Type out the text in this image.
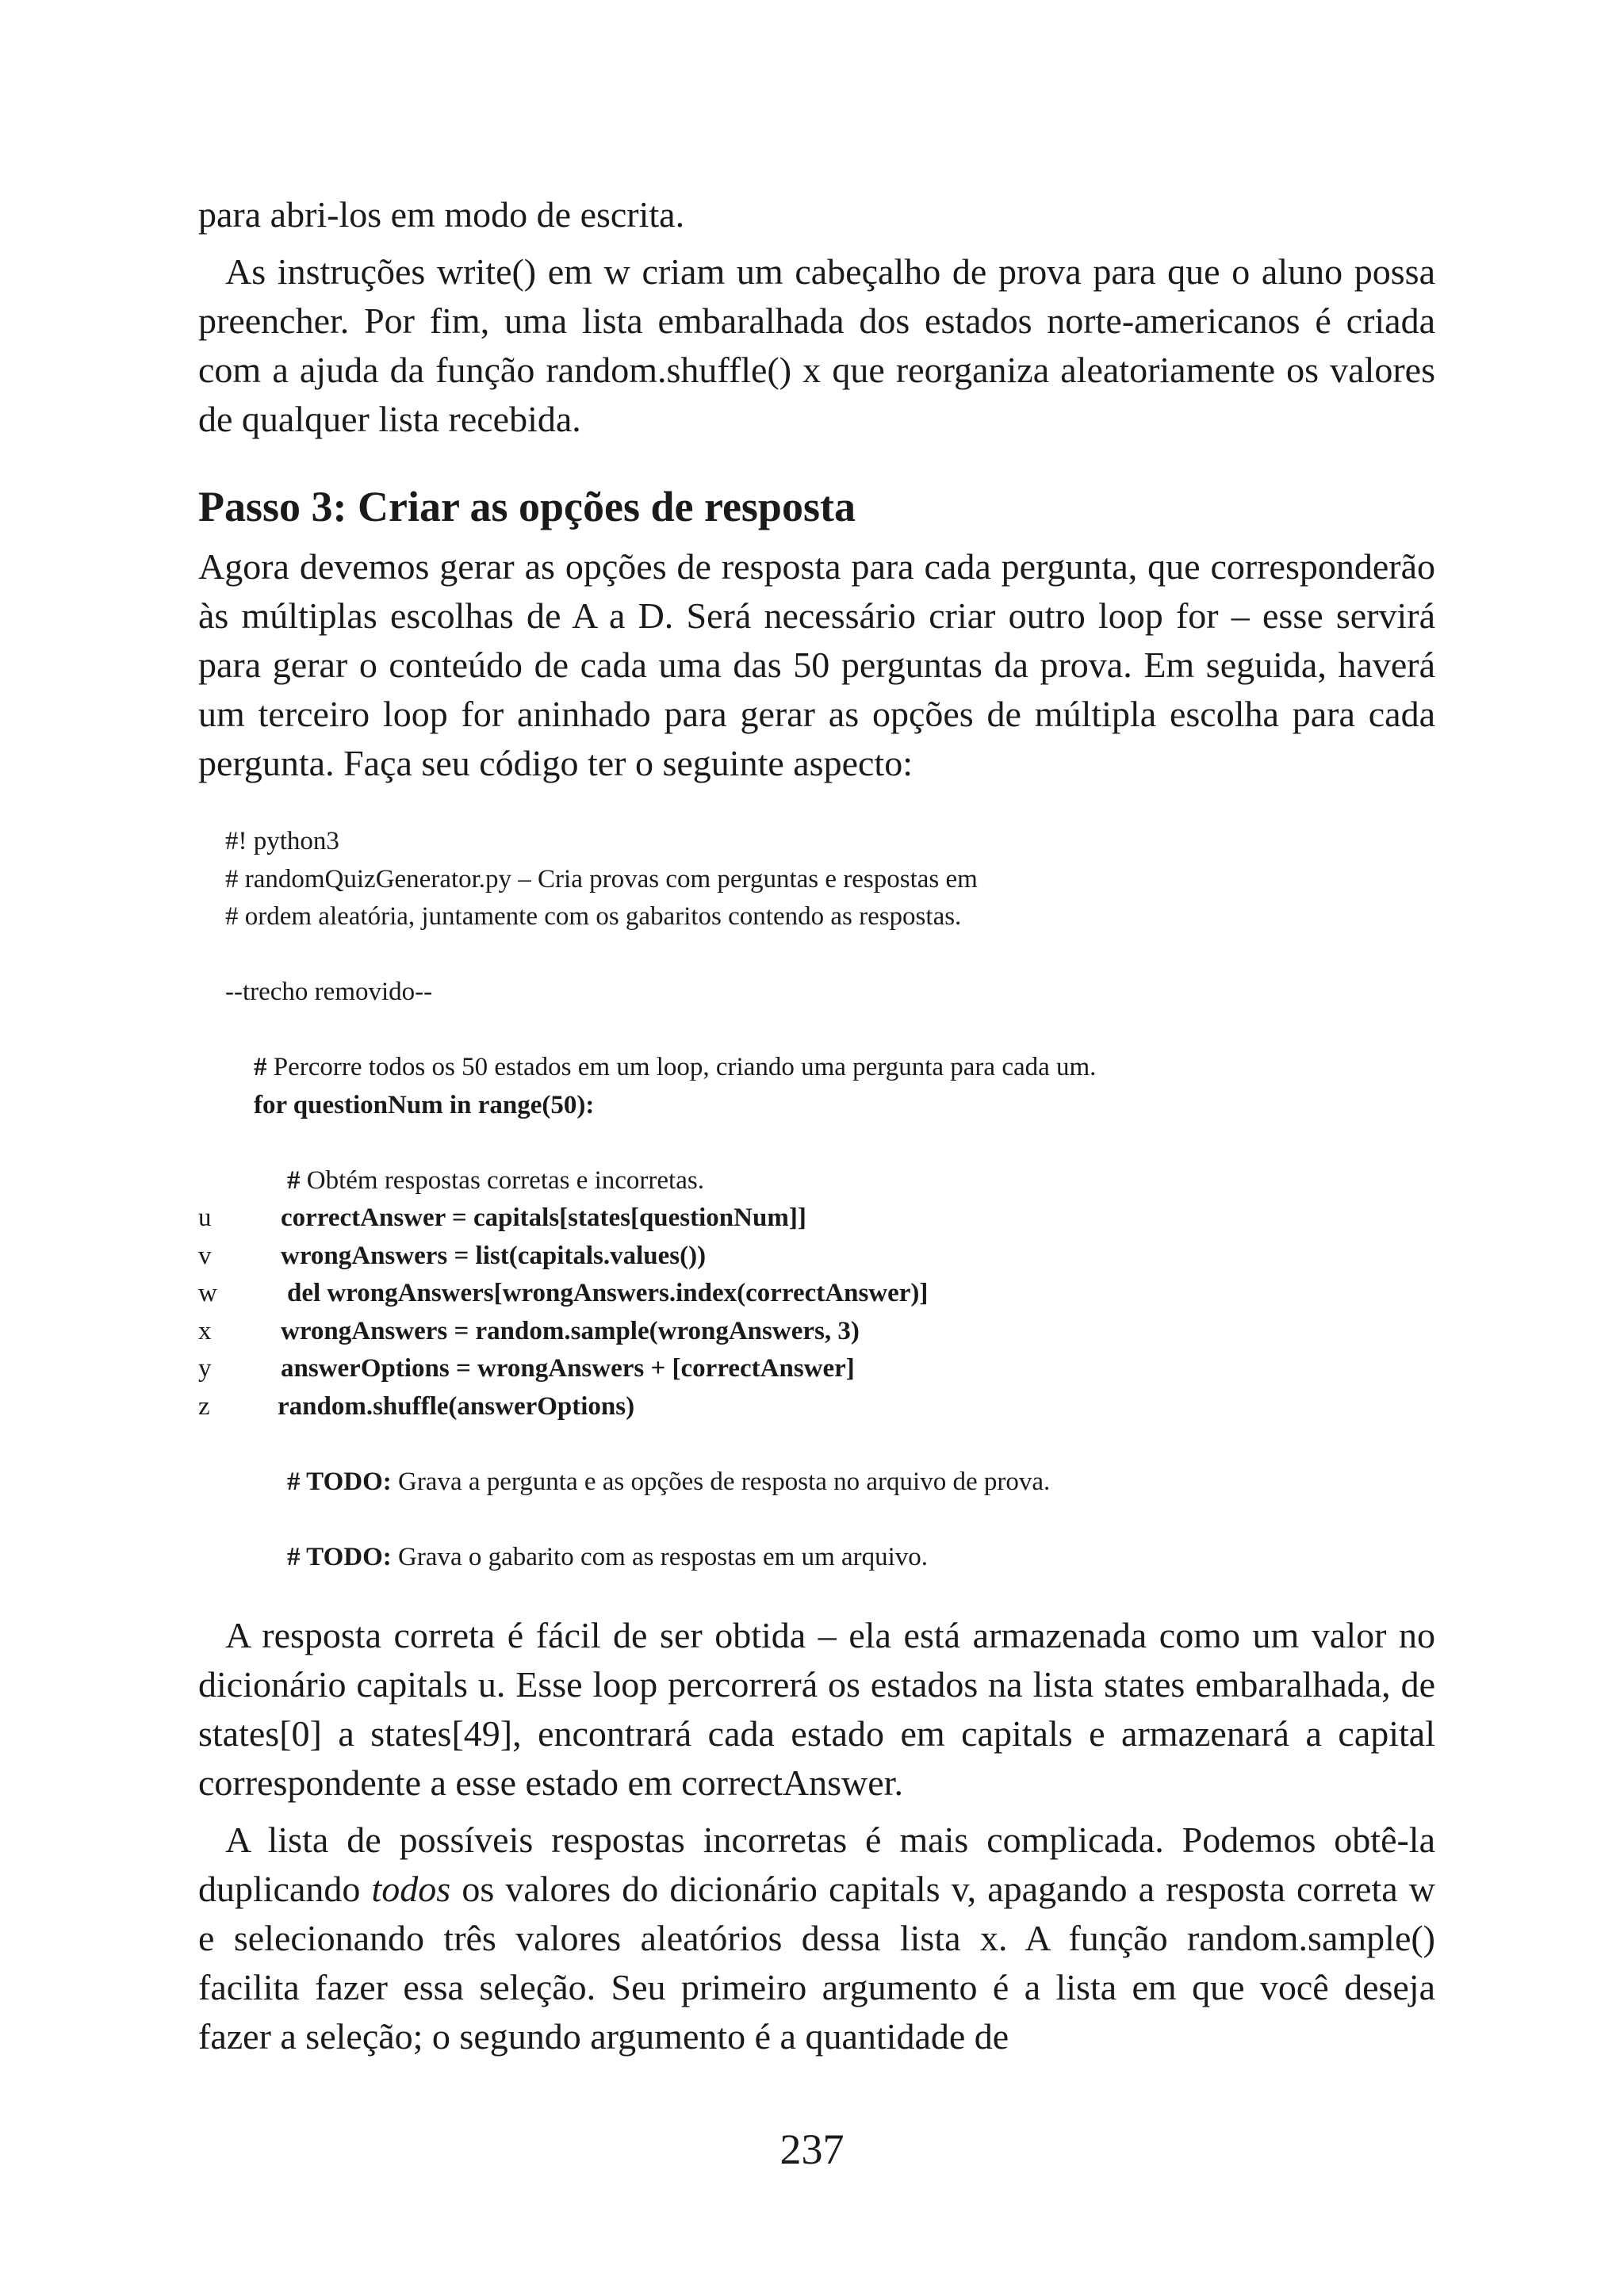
para abri-los em modo de escrita.

As instruções write() em w criam um cabeçalho de prova para que o aluno possa preencher. Por fim, uma lista embaralhada dos estados norte-americanos é criada com a ajuda da função random.shuffle() x que reorganiza aleatoriamente os valores de qualquer lista recebida.

Passo 3: Criar as opções de resposta

Agora devemos gerar as opções de resposta para cada pergunta, que corresponderão às múltiplas escolhas de A a D. Será necessário criar outro loop for – esse servirá para gerar o conteúdo de cada uma das 50 perguntas da prova. Em seguida, haverá um terceiro loop for aninhado para gerar as opções de múltipla escolha para cada pergunta. Faça seu código ter o seguinte aspecto:

#! python3
# randomQuizGenerator.py – Cria provas com perguntas e respostas em
# ordem aleatória, juntamente com os gabaritos contendo as respostas.
--trecho removido--
# Percorre todos os 50 estados em um loop, criando uma pergunta para cada um.
for questionNum in range(50):
# Obtém respostas corretas e incorretas.
u	correctAnswer = capitals[states[questionNum]]
v	wrongAnswers = list(capitals.values())
w	del wrongAnswers[wrongAnswers.index(correctAnswer)]
x	wrongAnswers = random.sample(wrongAnswers, 3)
y	answerOptions = wrongAnswers + [correctAnswer]
z	random.shuffle(answerOptions)
# TODO: Grava a pergunta e as opções de resposta no arquivo de prova.
# TODO: Grava o gabarito com as respostas em um arquivo.

A resposta correta é fácil de ser obtida – ela está armazenada como um valor no dicionário capitals u. Esse loop percorrerá os estados na lista states embaralhada, de states[0] a states[49], encontrará cada estado em capitals e armazenará a capital correspondente a esse estado em correctAnswer.

A lista de possíveis respostas incorretas é mais complicada. Podemos obtê-la duplicando todos os valores do dicionário capitals v, apagando a resposta correta w e selecionando três valores aleatórios dessa lista x. A função random.sample() facilita fazer essa seleção. Seu primeiro argumento é a lista em que você deseja fazer a seleção; o segundo argumento é a quantidade de

237
